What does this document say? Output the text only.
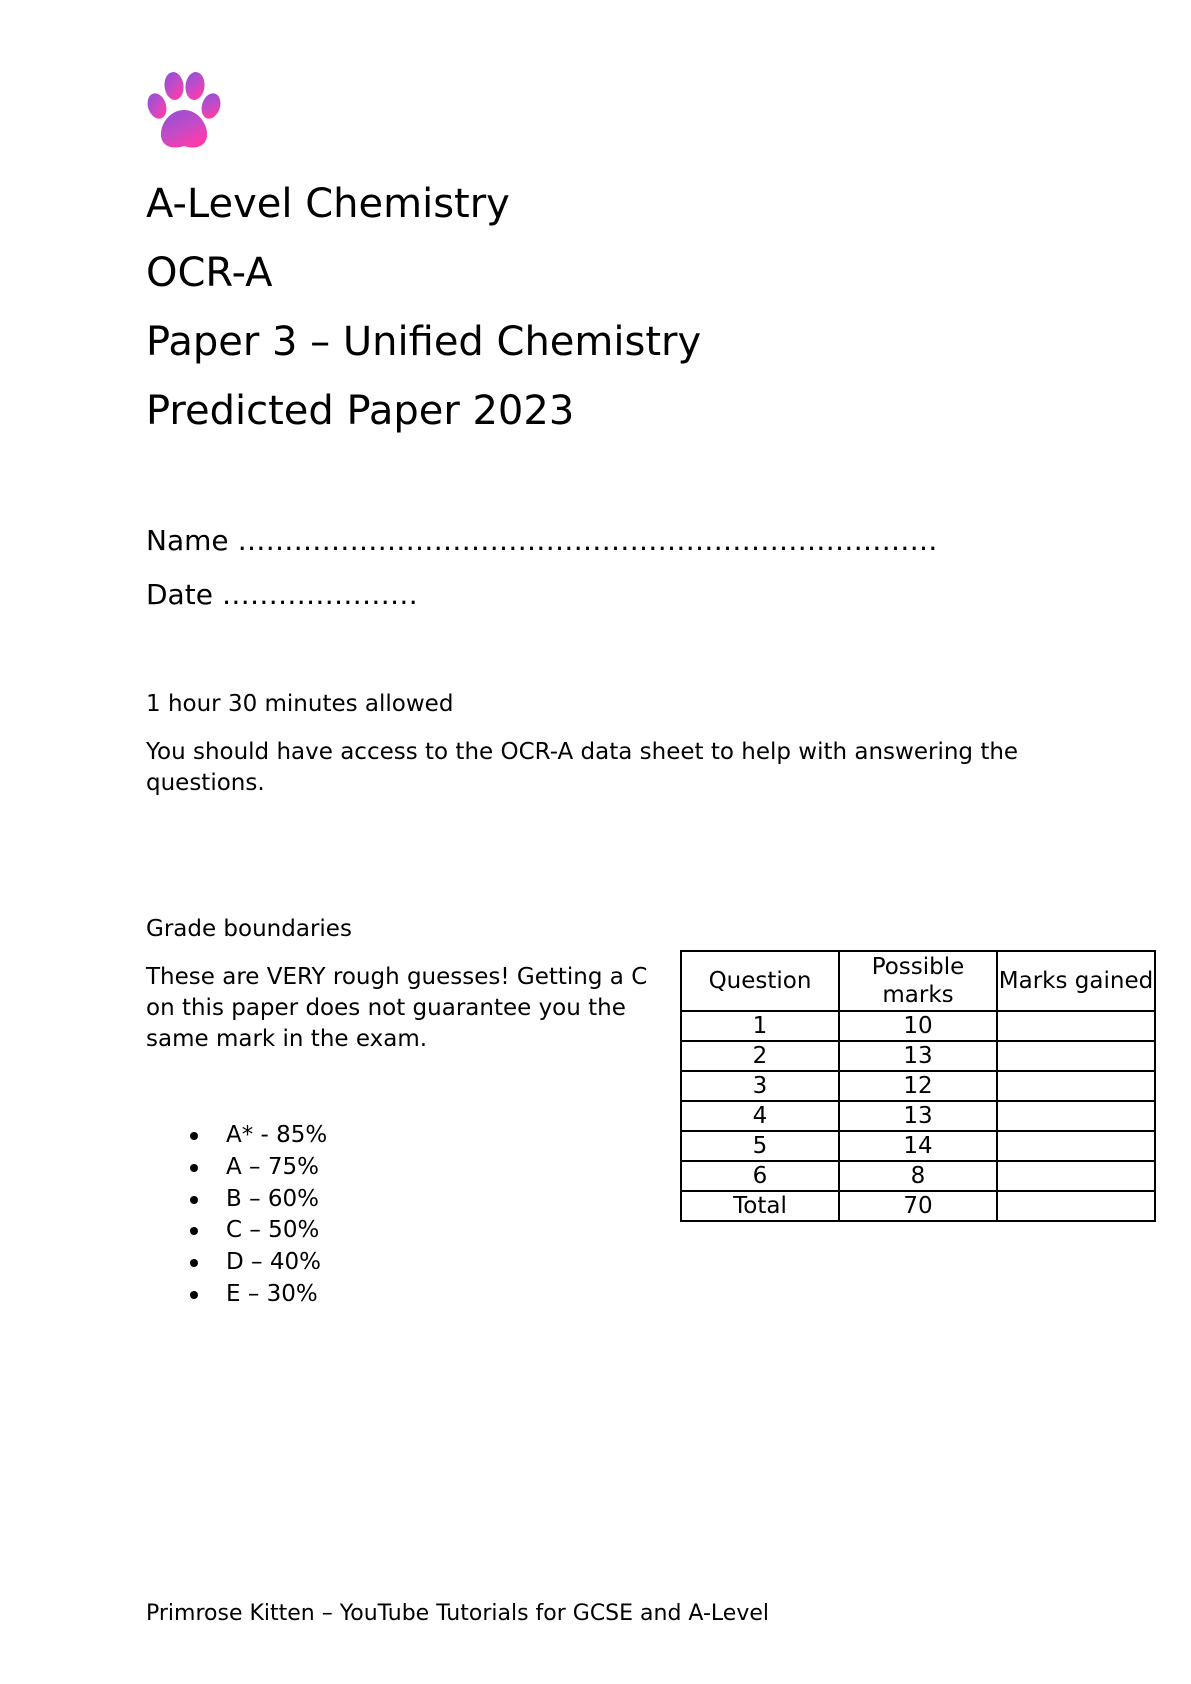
A-Level Chemistry
OCR-A
Paper 3 – Unified Chemistry
Predicted Paper 2023
Name …………………………………………………………………
Date …………………
1 hour 30 minutes allowed
You should have access to the OCR-A data sheet to help with answering the questions.
Grade boundaries
These are VERY rough guesses! Getting a C on this paper does not guarantee you the same mark in the exam.
A* - 85%
A – 75%
B – 60%
C – 50%
D – 40%
E – 30%
Question	Possible marks	Marks gained
1	10	
2	13	
3	12	
4	13	
5	14	
6	8	
Total	70	
Primrose Kitten – YouTube Tutorials for GCSE and A-Level
